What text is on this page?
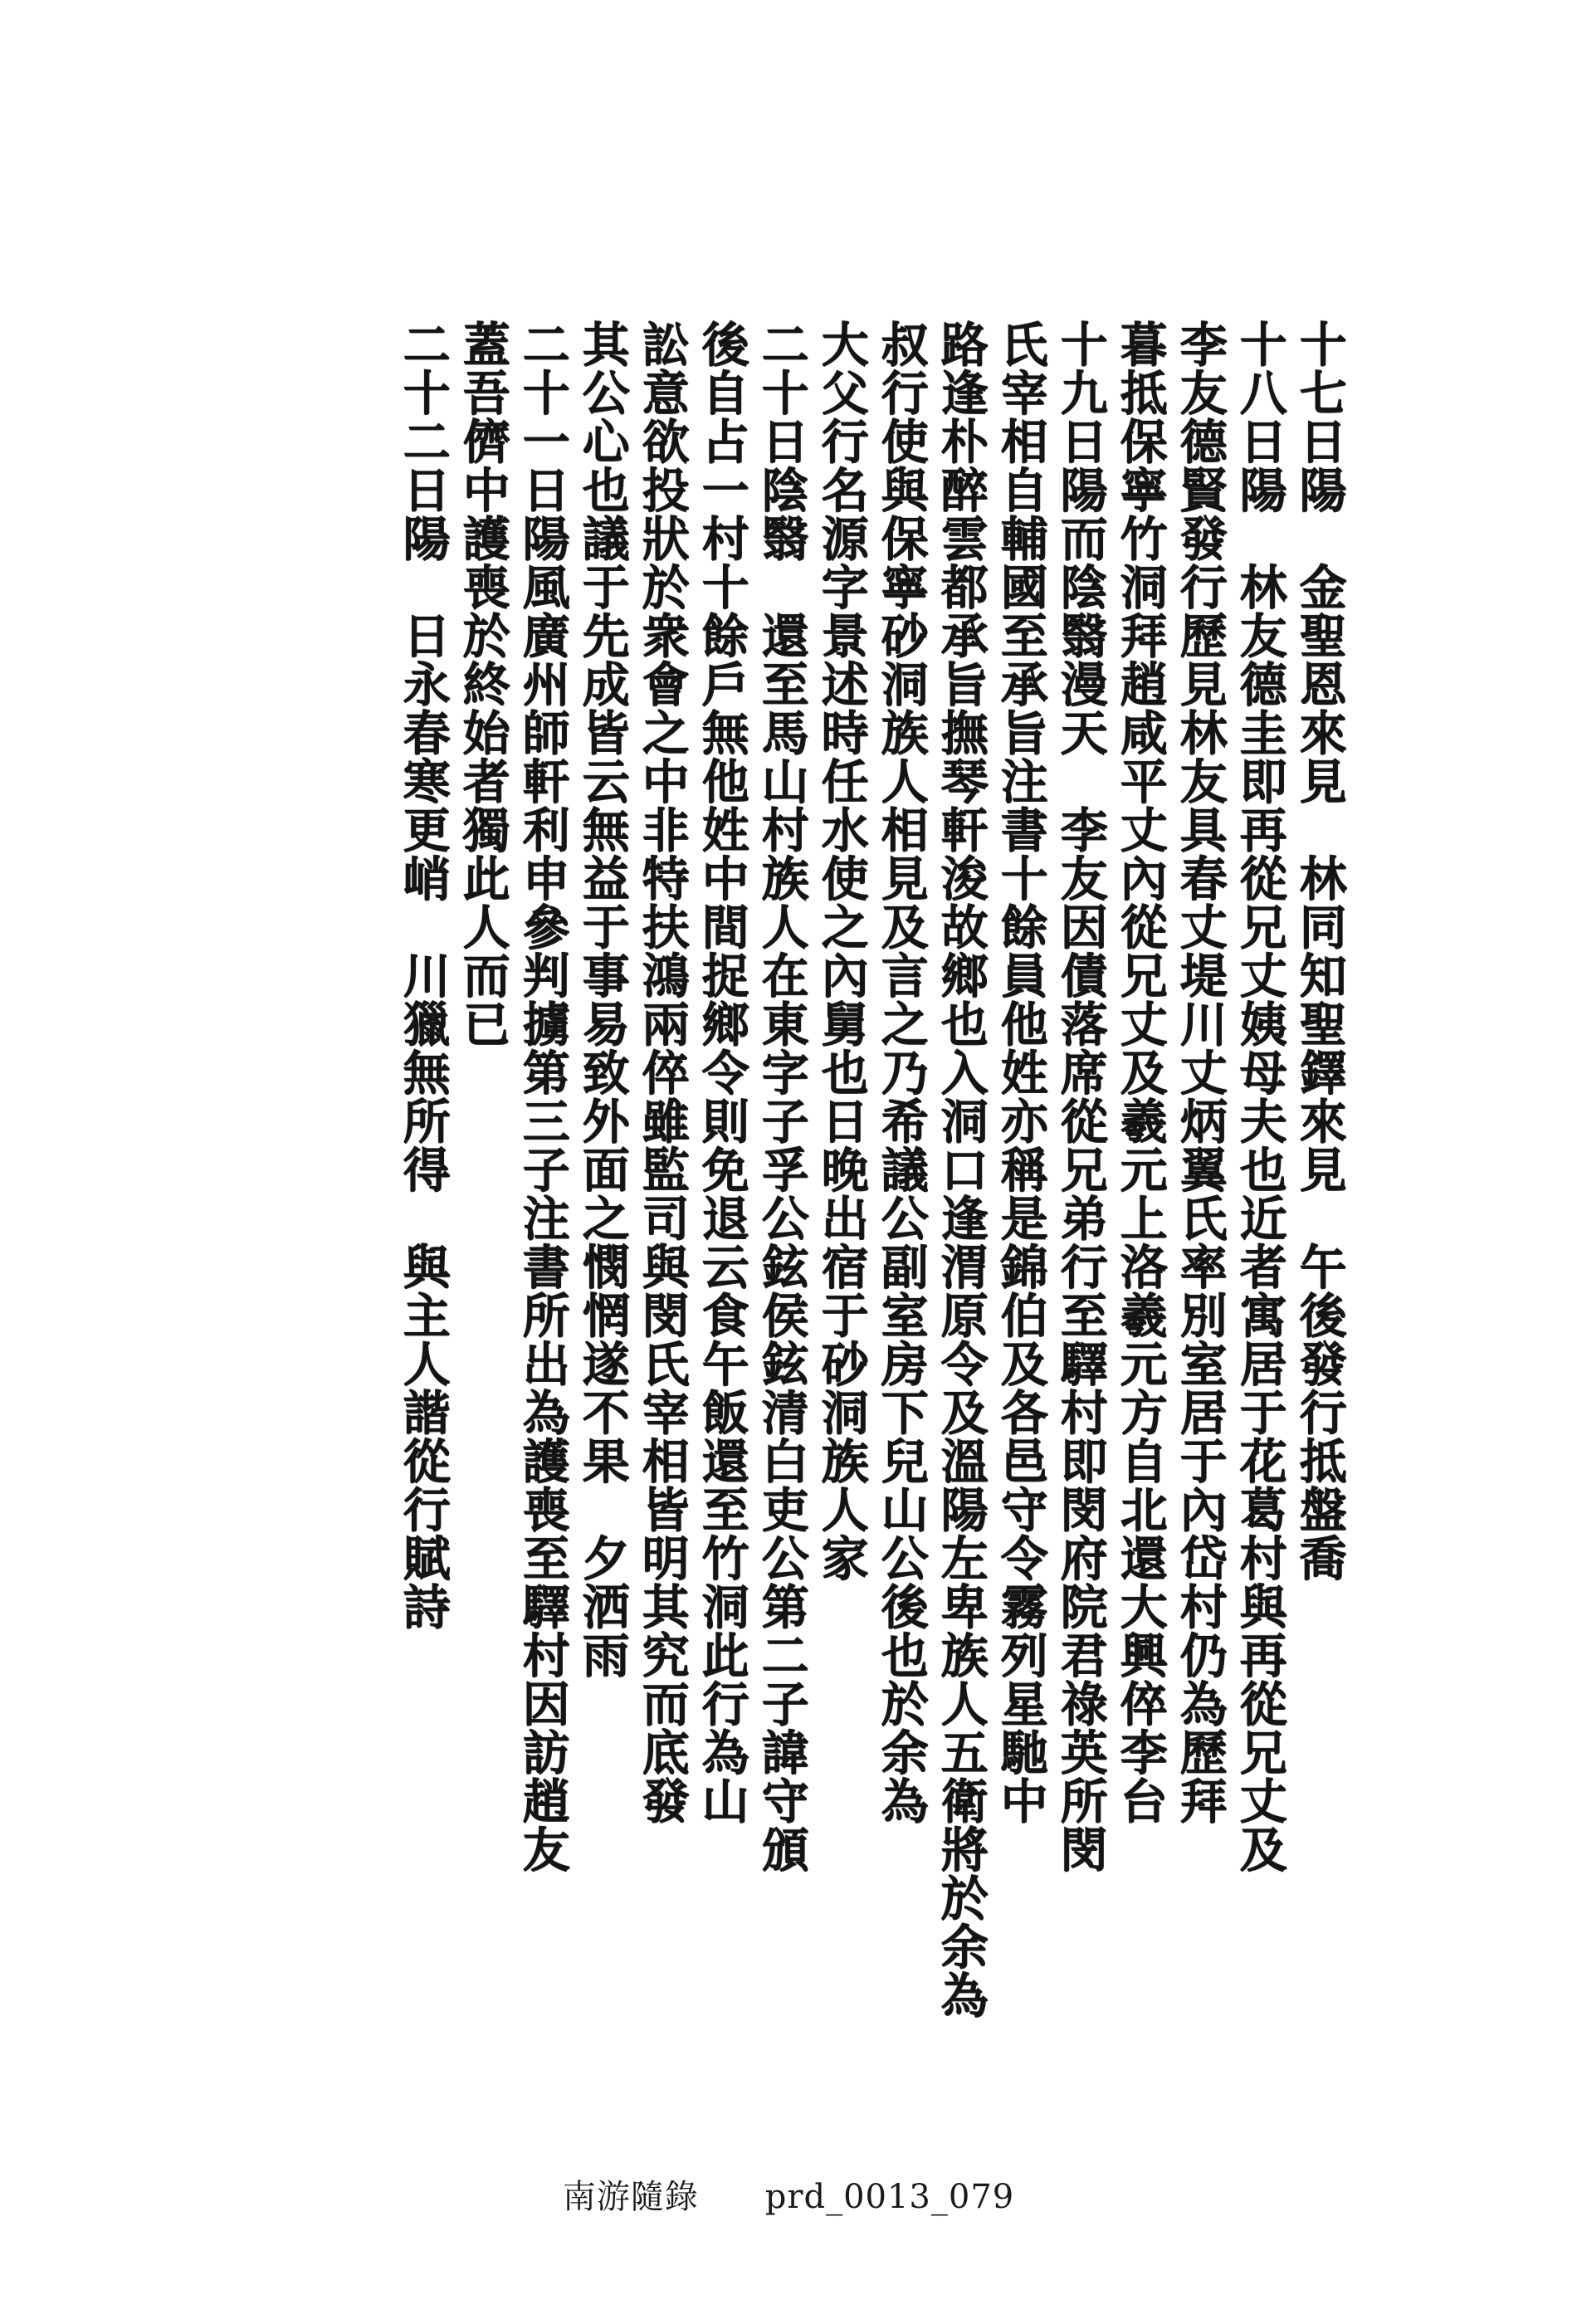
十七日陽　金聖恩來見　林同知聖鐸來見　午後發行抵盤喬
十八日陽　林友德圭即再從兄丈姨母夫也近者寓居于花葛村與再從兄丈及
李友德賢發行歷見林友具春丈堤川丈炳翼氏率別室居于內岱村仍為歷拜
暮抵保寧竹洞拜趙咸平丈內從兄丈及羲元上洛羲元方自北還大興倅李台
十九日陽而陰翳漫天　李友因債落席從兄弟行至驛村即閔府院君祿英所閔
氏宰相自輔國至承旨注書十餘員他姓亦稱是錦伯及各邑守令霧列星馳中
路逢朴醉雲都承旨撫琴軒浚故鄉也入洞口逢渭原令及溫陽左卑族人五衛將於余為
叔行使與保寧砂洞族人相見及言之乃希議公副室房下兒山公後也於余為
大父行名源字景述時任水使之內舅也日晚出宿于砂洞族人家
二十日陰翳　還至馬山村族人在東字子孚公鉉侯鉉清白吏公第二子諱守頒
後自占一村十餘戶無他姓中間捉鄉令則免退云食午飯還至竹洞此行為山
訟意欲投狀於衆會之中非特扶鴻兩倅雖監司與閔氏宰相皆明其究而底發
其公心也議于先成皆云無益于事易致外面之憫惘遂不果　夕洒雨
二十一日陽風廣州師軒利申參判擄第三子注書所出為護喪至驛村因訪趙友
蓋吾儕中護喪於終始者獨此人而已
二十二日陽　日永春寒更峭　川獵無所得　與主人諧從行賦詩
南游隨錄 prd_0013_079
